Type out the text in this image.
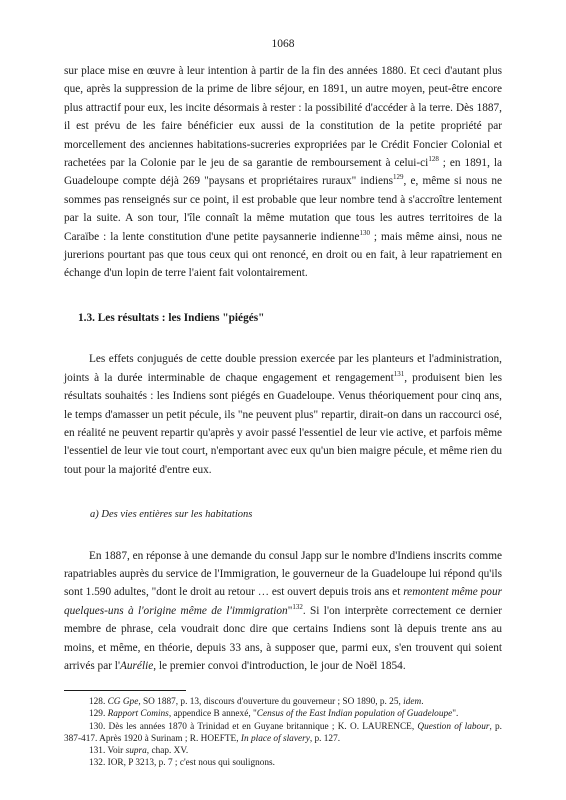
1068

sur place mise en œuvre à leur intention à partir de la fin des années 1880. Et ceci d'autant plus que, après la suppression de la prime de libre séjour, en 1891, un autre moyen, peut-être encore plus attractif pour eux, les incite désormais à rester : la possibilité d'accéder à la terre. Dès 1887, il est prévu de les faire bénéficier eux aussi de la constitution de la petite propriété par morcellement des anciennes habitations-sucreries expropriées par le Crédit Foncier Colonial et rachetées par la Colonie par le jeu de sa garantie de remboursement à celui-$ci^{128}$ ; en 1891, la Guadeloupe compte déjà 269 "paysans et propriétaires ruraux" indiens$^{129}$, e, même si nous ne sommes pas renseignés sur ce point, il est probable que leur nombre tend à s'accroître lentement par la suite. A son tour, l'île connaît la même mutation que tous les autres territoires de la Caraïbe : la lente constitution d'une petite paysannerie indienne$^{130}$ ; mais même ainsi, nous ne jurerions pourtant pas que tous ceux qui ont renoncé, en droit ou en fait, à leur rapatriement en échange d'un lopin de terre l'aient fait volontairement.

1.3. Les résultats : les Indiens "piégés"

Les effets conjugués de cette double pression exercée par les planteurs et l'administration, joints à la durée interminable de chaque engagement et rengagement$^{131}$, produisent bien les résultats souhaités : les Indiens sont piégés en Guadeloupe. Venus théoriquement pour cinq ans, le temps d'amasser un petit pécule, ils "ne peuvent plus" repartir, dirait-on dans un raccourci osé, en réalité ne peuvent repartir qu'après y avoir passé l'essentiel de leur vie active, et parfois même l'essentiel de leur vie tout court, n'emportant avec eux qu'un bien maigre pécule, et même rien du tout pour la majorité d'entre eux.

a) Des vies entières sur les habitations

En 1887, en réponse à une demande du consul Japp sur le nombre d'Indiens inscrits comme rapatriables auprès du service de l'Immigration, le gouverneur de la Guadeloupe lui répond qu'ils sont 1.590 adultes, "dont le droit au retour … est ouvert depuis trois ans et remontent même pour quelques-uns à l'origine même de l'immigration"$^{132}$. Si l'on interprète correctement ce dernier membre de phrase, cela voudrait donc dire que certains Indiens sont là depuis trente ans au moins, et même, en théorie, depuis 33 ans, à supposer que, parmi eux, s'en trouvent qui soient arrivés par l'Aurélie, le premier convoi d'introduction, le jour de Noël 1854.

128. CG Gpe, SO 1887, p. 13, discours d'ouverture du gouverneur ; SO 1890, p. 25, idem.
129. Rapport Comins, appendice B annexé, "Census of the East Indian population of Guadeloupe".
130. Dès les années 1870 à Trinidad et en Guyane britannique ; K. O. LAURENCE, Question of labour, p. 387-417. Après 1920 à Surinam ; R. HOEFTE, In place of slavery, p. 127.
131. Voir supra, chap. XV.
132. IOR, P 3213, p. 7 ; c'est nous qui soulignons.
